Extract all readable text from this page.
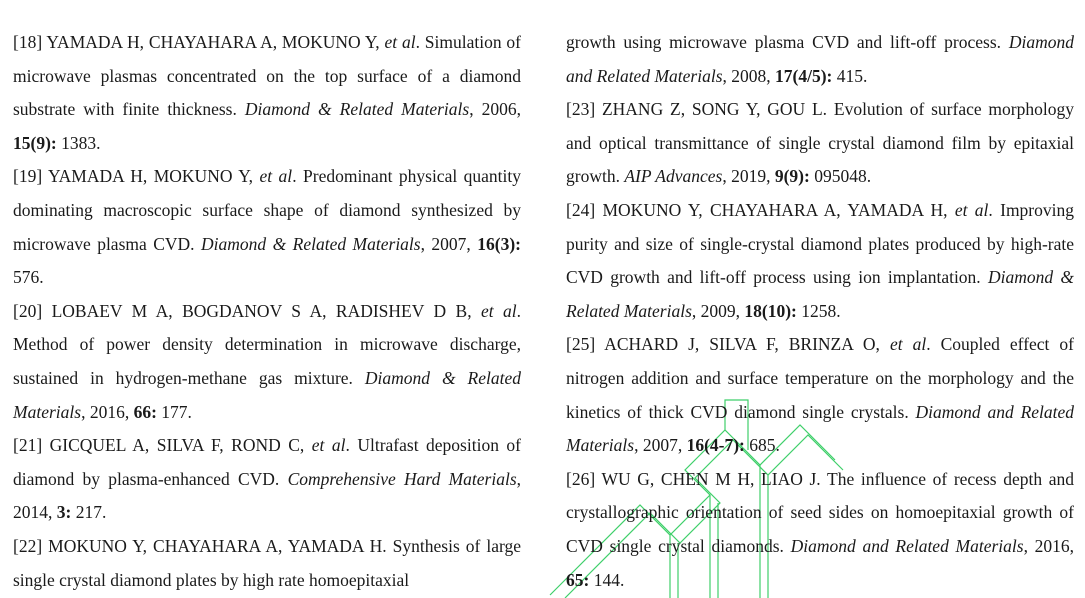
[18] YAMADA H, CHAYAHARA A, MOKUNO Y, et al. Simulation of microwave plasmas concentrated on the top surface of a diamond substrate with finite thickness. Diamond & Related Materials, 2006, 15(9): 1383.

[19] YAMADA H, MOKUNO Y, et al. Predominant physical quantity dominating macroscopic surface shape of diamond synthesized by microwave plasma CVD. Diamond & Related Materials, 2007, 16(3): 576.

[20] LOBAEV M A, BOGDANOV S A, RADISHEV D B, et al. Method of power density determination in microwave discharge, sustained in hydrogen-methane gas mixture. Diamond & Related Materials, 2016, 66: 177.

[21] GICQUEL A, SILVA F, ROND C, et al. Ultrafast deposition of diamond by plasma-enhanced CVD. Comprehensive Hard Materials, 2014, 3: 217.

[22] MOKUNO Y, CHAYAHARA A, YAMADA H. Synthesis of large single crystal diamond plates by high rate homoepitaxial

growth using microwave plasma CVD and lift-off process. Diamond and Related Materials, 2008, 17(4/5): 415.

[23] ZHANG Z, SONG Y, GOU L. Evolution of surface morphology and optical transmittance of single crystal diamond film by epitaxial growth. AIP Advances, 2019, 9(9): 095048.

[24] MOKUNO Y, CHAYAHARA A, YAMADA H, et al. Improving purity and size of single-crystal diamond plates produced by high-rate CVD growth and lift-off process using ion implantation. Diamond & Related Materials, 2009, 18(10): 1258.

[25] ACHARD J, SILVA F, BRINZA O, et al. Coupled effect of nitrogen addition and surface temperature on the morphology and the kinetics of thick CVD diamond single crystals. Diamond and Related Materials, 2007, 16(4-7): 685.

[26] WU G, CHEN M H, LIAO J. The influence of recess depth and crystallographic orientation of seed sides on homoepitaxial growth of CVD single crystal diamonds. Diamond and Related Materials, 2016, 65: 144.
